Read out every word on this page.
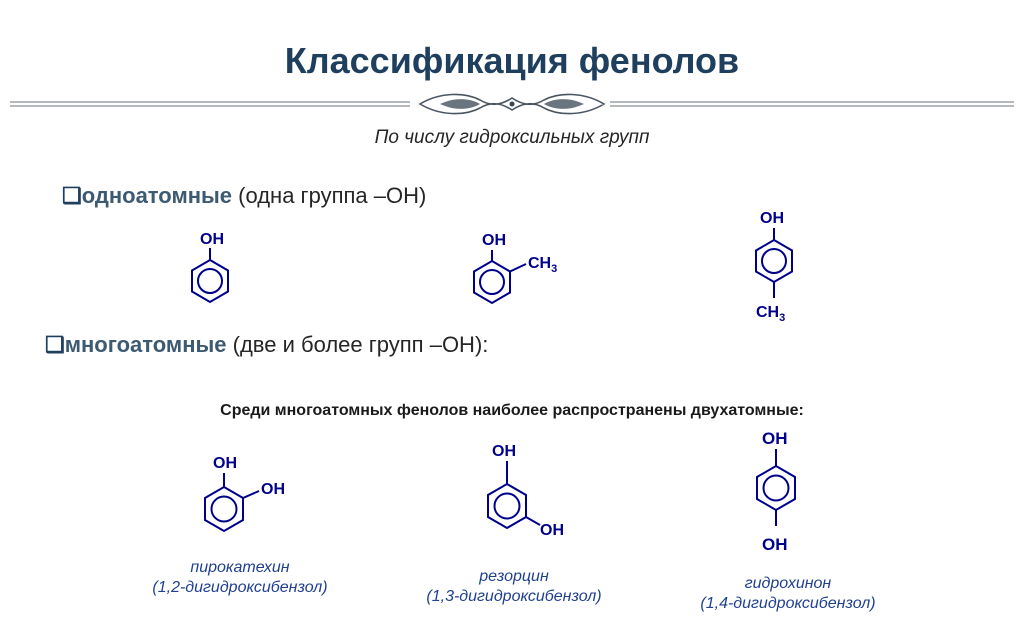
Классификация фенолов
По числу гидроксильных групп
❑одноатомные (одна группа –OH)
OH	OH
$CH_3$
OH
$CH_3$
❑многоатомные (две и более групп –OH):
Среди многоатомных фенолов наиболее распространены двухатомные:
OH
OH
OH
OH
OH
OH
пирокатехин
(1,2-дигидроксибензол)
резорцин
(1,3-дигидроксибензол)
гидрохинон
(1,4-дигидроксибензол)
